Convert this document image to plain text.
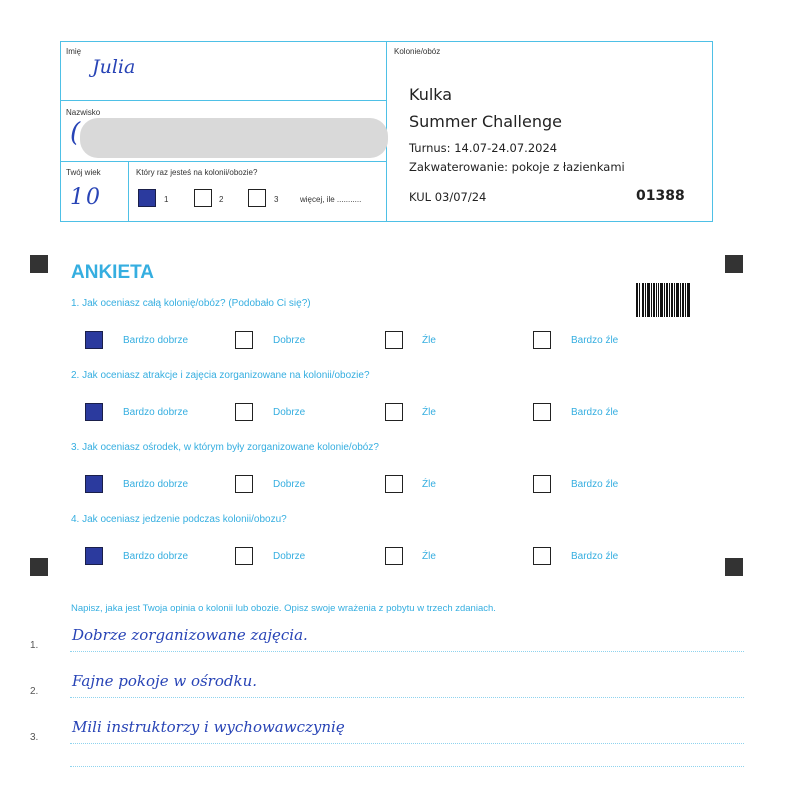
Imię
Julia
Nazwisko
(
Twój wiek
10
Który raz jesteś na kolonii/obozie?
1	2	3	więcej, ile ...........
Kolonie/obóz
Kulka
Summer Challenge
Turnus: 14.07-24.07.2024
Zakwaterowanie: pokoje z łazienkami
KUL 03/07/24	01388
ANKIETA
1. Jak oceniasz całą kolonię/obóz? (Podobało Ci się?)
Bardzo dobrze	Dobrze	Źle	Bardzo źle
2. Jak oceniasz atrakcje i zajęcia zorganizowane na kolonii/obozie?
Bardzo dobrze	Dobrze	Źle	Bardzo źle
3. Jak oceniasz ośrodek, w którym były zorganizowane kolonie/obóz?
Bardzo dobrze	Dobrze	Źle	Bardzo źle
4. Jak oceniasz jedzenie podczas kolonii/obozu?
Bardzo dobrze	Dobrze	Źle	Bardzo źle
Napisz, jaka jest Twoja opinia o kolonii lub obozie. Opisz swoje wrażenia z pobytu w trzech zdaniach.
1.
Dobrze zorganizowane zajęcia.
2.
Fajne pokoje w ośrodku.
3.
Mili instruktorzy i wychowawczynię
